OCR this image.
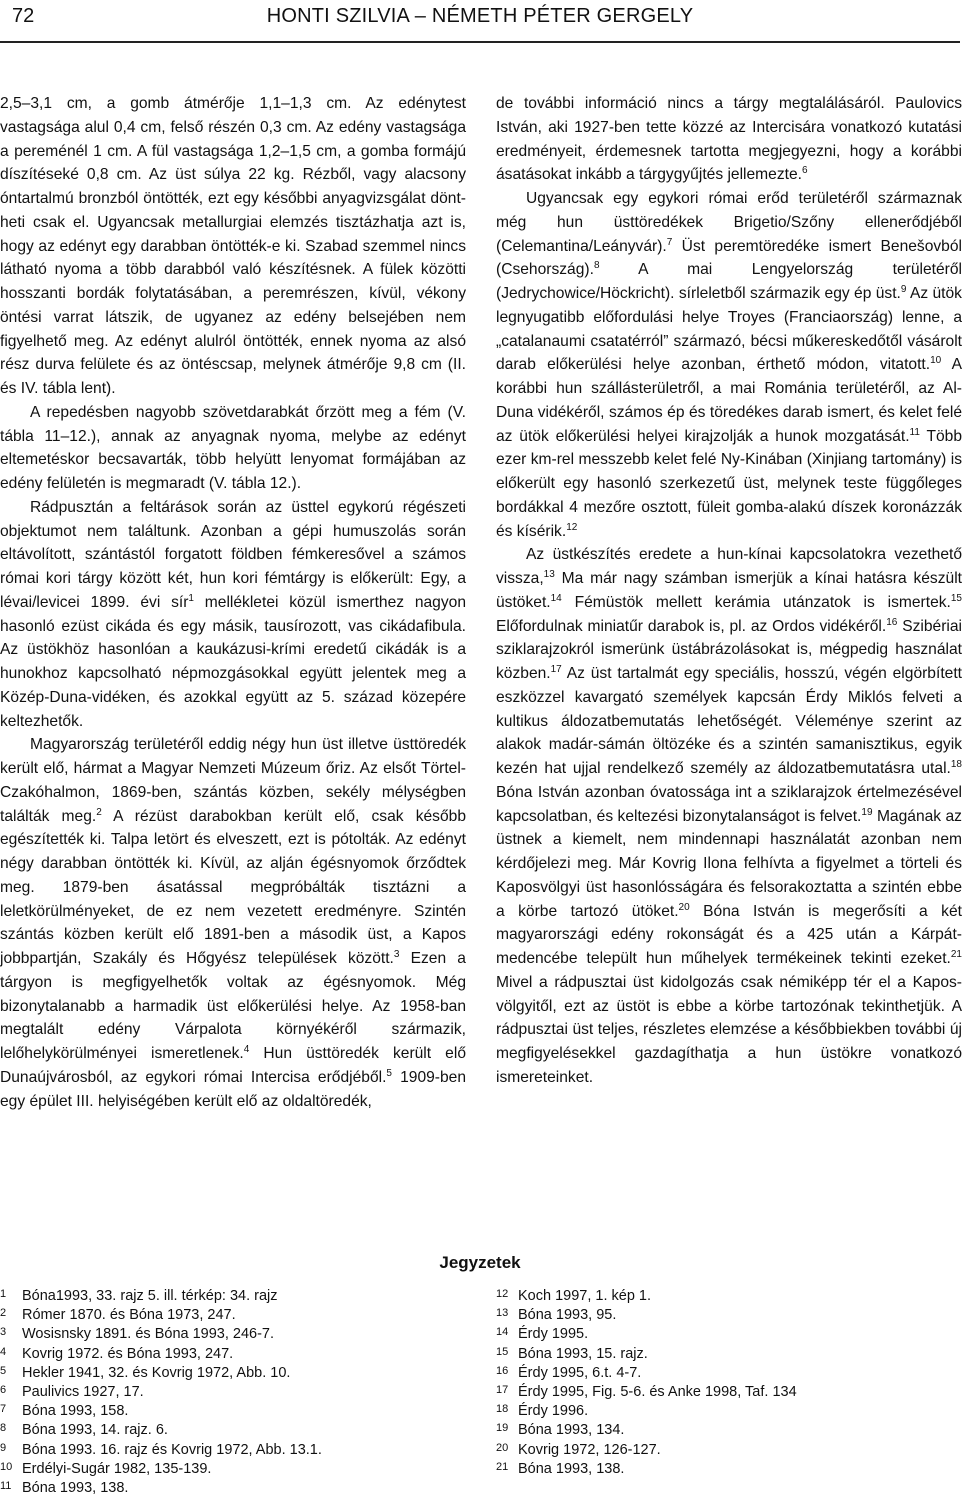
72	HONTI SZILVIA – NÉMETH PÉTER GERGELY

2,5–3,1 cm, a gomb átmérője 1,1–1,3 cm. Az edénytest vastagsága alul 0,4 cm, felső részén 0,3 cm. Az edény vastagsága a pereménél 1 cm. A fül vastagsága 1,2–1,5 cm, a gomba formájú díszítéseké 0,8 cm. Az üst súlya 22 kg. Rézből, vagy alacsony óntartalmú bronzból öntötték, ezt egy későbbi anyagvizsgálat döntheti csak el. Ugyancsak metallurgiai elemzés tisztázhatja azt is, hogy az edényt egy darabban öntötték-e ki. Szabad szemmel nincs látható nyoma a több darabból való készítésnek. A fülek közötti hosszanti bordák folytatásában, a peremrészen, kívül, vékony öntési varrat látszik, de ugyanez az edény belsejében nem figyelhető meg. Az edényt alulról öntötték, ennek nyoma az alsó rész durva felülete és az öntéscsap, melynek átmérője 9,8 cm (II. és IV. tábla lent).

A repedésben nagyobb szövetdarabkát őrzött meg a fém (V. tábla 11–12.), annak az anyagnak nyoma, melybe az edényt eltemetéskor becsavarták, több helyütt lenyomat formájában az edény felületén is megmaradt (V. tábla 12.).

Rádpusztán a feltárások során az üsttel egykorú régészeti objektumot nem találtunk. Azonban a gépi humuszolás során eltávolított, szántástól forgatott földben fémkeresővel a számos római kori tárgy között két, hun kori fémtárgy is előkerült: Egy, a lévai/levicei 1899. évi sír$^1$ mellékletei közül ismerthez nagyon hasonló ezüst cikáda és egy másik, tausírozott, vas cikádafibula. Az üstökhöz hasonlóan a kaukázusi-krími eredetű cikádák is a hunokhoz kapcsolható népmozgásokkal együtt jelentek meg a Közép-Duna-vidéken, és azokkal együtt az 5. század közepére keltezhetők.

Magyarország területéről eddig négy hun üst illetve üsttöredék került elő, hármat a Magyar Nemzeti Múzeum őriz. Az elsőt Törtel-Czakóhalmon, 1869-ben, szántás közben, sekély mélységben találták meg.$^2$ A rézüst darabokban került elő, csak később egészítették ki. Talpa letört és elveszett, ezt is pótolták. Az edényt négy darabban öntötték ki. Kívül, az alján égésnyomok őrződtek meg. 1879-ben ásatással megpróbálták tisztázni a leletkörülményeket, de ez nem vezetett eredményre. Szintén szántás közben került elő 1891-ben a második üst, a Kapos jobbpartján, Szakály és Hőgyész települések között.$^3$ Ezen a tárgyon is megfigyelhetők voltak az égésnyomok. Még bizonytalanabb a harmadik üst előkerülési helye. Az 1958-ban megtalált edény Várpalota környékéről származik, lelőhelykörülményei ismeretlenek.$^4$ Hun üsttöredék került elő Dunaújvárosból, az egykori római Intercisa erődjéből.$^5$ 1909-ben egy épület III. helyiségében került elő az oldaltöredék,

de további információ nincs a tárgy megtalálásáról. Paulovics István, aki 1927-ben tette közzé az Intercisára vonatkozó kutatási eredményeit, érdemesnek tartotta megjegyezni, hogy a korábbi ásatásokat inkább a tárgygyűjtés jellemezte.$^6$

Ugyancsak egy egykori római erőd területéről származnak még hun üsttöredékek Brigetio/Szőny ellenerődjéből (Celemantina/Leányvár).$^7$ Üst peremtöredéke ismert Benešovból (Csehország).$^8$ A mai Lengyelország területéről (Jedrychowice/Höckricht). sírleletből származik egy ép üst.$^9$ Az ütök legnyugatibb előfordulási helye Troyes (Franciaország) lenne, a „catalanaumi csatatérról” származó, bécsi műkereskedőtől vásárolt darab előkerülési helye azonban, érthető módon, vitatott.$^{10}$ A korábbi hun szállásterületről, a mai Románia területéről, az Al-Duna vidékéről, számos ép és töredékes darab ismert, és kelet felé az ütök előkerülési helyei kirajzolják a hunok mozgatását.$^{11}$ Több ezer km-rel messzebb kelet felé Ny-Kinában (Xinjiang tartomány) is előkerült egy hasonló szerkezetű üst, melynek teste függőleges bordákkal 4 mezőre osztott, füleit gomba-alakú díszek koronázzák és kísérik.$^{12}$

Az üstkészítés eredete a hun-kínai kapcsolatokra vezethető vissza,$^{13}$ Ma már nagy számban ismerjük a kínai hatásra készült üstöket.$^{14}$ Fémüstök mellett kerámia utánzatok is ismertek.$^{15}$ Előfordulnak miniatűr darabok is, pl. az Ordos vidékéről.$^{16}$ Szibériai sziklarajzokról ismerünk üstábrázolásokat is, mégpedig használat közben.$^{17}$ Az üst tartalmát egy speciális, hosszú, végén elgörbített eszközzel kavargató személyek kapcsán Érdy Miklós felveti a kultikus áldozatbemutatás lehetőségét. Véleménye szerint az alakok madár-sámán öltözéke és a szintén samanisztikus, egyik kezén hat ujjal rendelkező személy az áldozatbemutatásra utal.$^{18}$ Bóna István azonban óvatossága int a sziklarajzok értelmezésével kapcsolatban, és keltezési bizonytalanságot is felvet.$^{19}$ Magának az üstnek a kiemelt, nem mindennapi használatát azonban nem kérdőjelezi meg. Már Kovrig Ilona felhívta a figyelmet a törteli és Kaposvölgyi üst hasonlósságára és felsorakoztatta a szintén ebbe a körbe tartozó ütöket.$^{20}$ Bóna István is megerősíti a két magyarországi edény rokonságát és a 425 után a Kárpát-medencébe települt hun műhelyek termékeinek tekinti ezeket.$^{21}$ Mivel a rádpusztai üst kidolgozás csak némiképp tér el a Kapos-völgyitől, ezt az üstöt is ebbe a körbe tartozónak tekinthetjük. A rádpusztai üst teljes, részletes elemzése a későbbiekben további új megfigyelésekkel gazdagíthatja a hun üstökre vonatkozó ismereteinket.

Jegyzetek
1	Bóna1993, 33. rajz 5. ill. térkép: 34. rajz
2	Rómer 1870. és Bóna 1973, 247.
3	Wosisnsky 1891. és Bóna 1993, 246-7.
4	Kovrig 1972. és Bóna 1993, 247.
5	Hekler 1941, 32. és Kovrig 1972, Abb. 10.
6	Paulivics 1927, 17.
7	Bóna 1993, 158.
8	Bóna 1993, 14. rajz. 6.
9	Bóna 1993. 16. rajz és Kovrig 1972, Abb. 13.1.
10 Erdélyi-Sugár 1982, 135-139.
11 Bóna 1993, 138.
12 Koch 1997, 1. kép 1.
13 Bóna 1993, 95.
14 Érdy 1995.
15 Bóna 1993, 15. rajz.
16 Érdy 1995, 6.t. 4-7.
17 Érdy 1995, Fig. 5-6. és Anke 1998, Taf. 134
18 Érdy 1996.
19 Bóna 1993, 134.
20 Kovrig 1972, 126-127.
21 Bóna 1993, 138.
